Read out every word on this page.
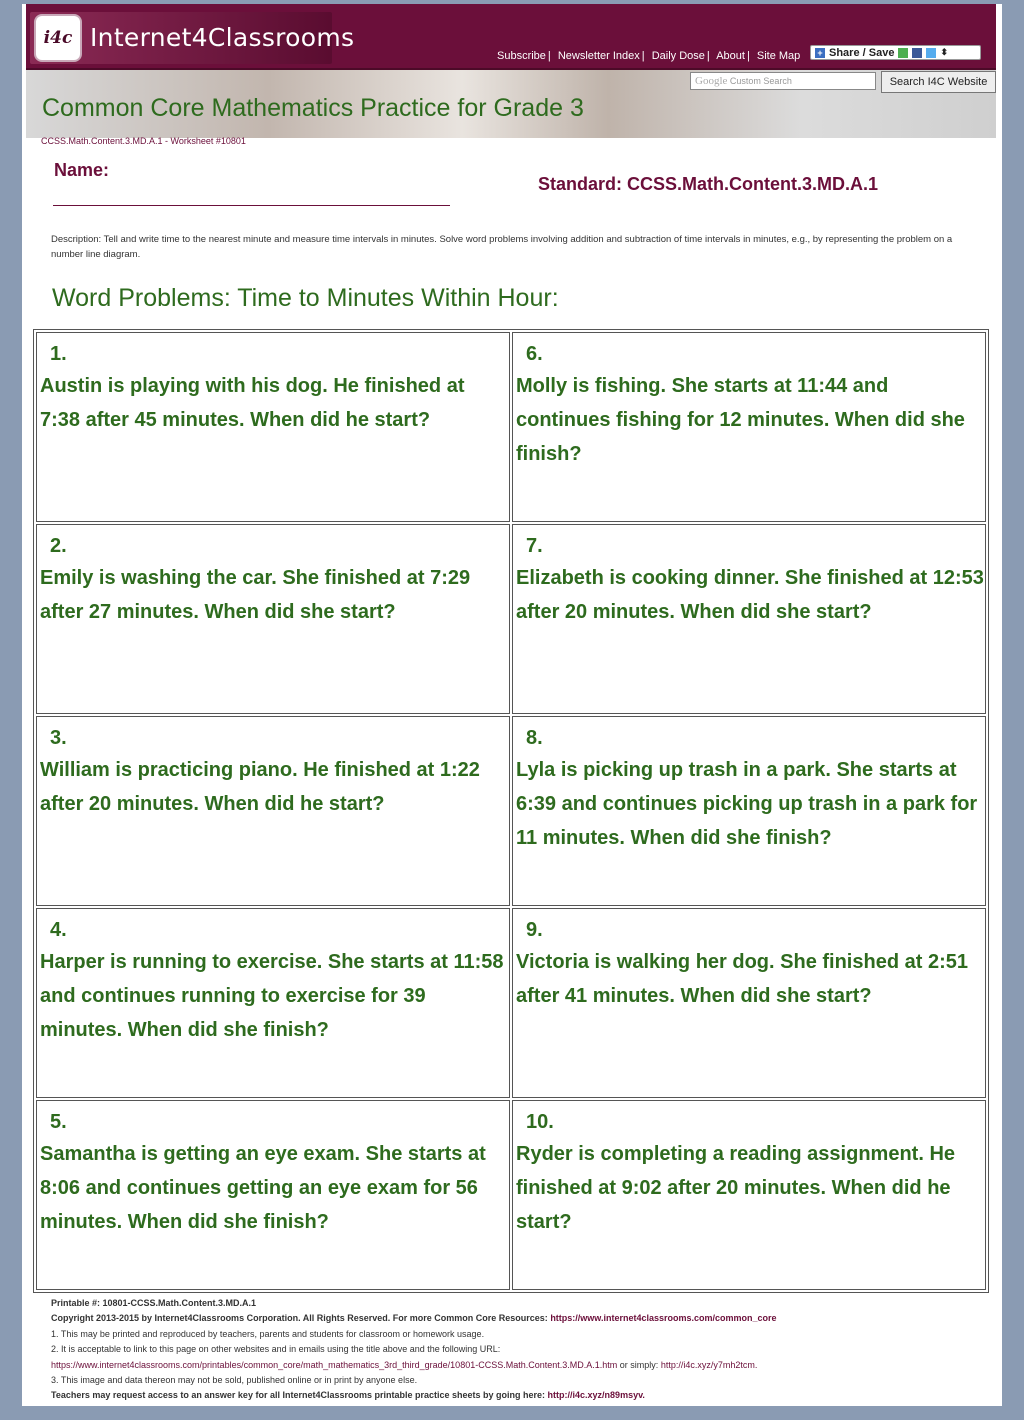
i4c Internet4Classrooms
Subscribe | Newsletter Index | Daily Dose | About | Site Map + Share / Save	⬍
Google Custom Search	Search I4C Website
Common Core Mathematics Practice for Grade 3
CCSS.Math.Content.3.MD.A.1 - Worksheet #10801
Name:
Standard: CCSS.Math.Content.3.MD.A.1
Description: Tell and write time to the nearest minute and measure time intervals in minutes. Solve word problems involving addition and subtraction of time intervals in minutes, e.g., by representing the problem on a number line diagram.
Word Problems: Time to Minutes Within Hour:
1.
Austin is playing with his dog. He finished at 7:38 after 45 minutes. When did he start?
6.
Molly is fishing. She starts at 11:44 and continues fishing for 12 minutes. When did she finish?
2.
Emily is washing the car. She finished at 7:29 after 27 minutes. When did she start?
7.
Elizabeth is cooking dinner. She finished at 12:53 after 20 minutes. When did she start?
3.
William is practicing piano. He finished at 1:22 after 20 minutes. When did he start?
8.
Lyla is picking up trash in a park. She starts at 6:39 and continues picking up trash in a park for 11 minutes. When did she finish?
4.
Harper is running to exercise. She starts at 11:58 and continues running to exercise for 39 minutes. When did she finish?
9.
Victoria is walking her dog. She finished at 2:51 after 41 minutes. When did she start?
5.
Samantha is getting an eye exam. She starts at 8:06 and continues getting an eye exam for 56 minutes. When did she finish?
10.
Ryder is completing a reading assignment. He finished at 9:02 after 20 minutes. When did he start?
Printable #: 10801-CCSS.Math.Content.3.MD.A.1
Copyright 2013-2015 by Internet4Classrooms Corporation. All Rights Reserved. For more Common Core Resources: https://www.internet4classrooms.com/common_core
1. This may be printed and reproduced by teachers, parents and students for classroom or homework usage.
2. It is acceptable to link to this page on other websites and in emails using the title above and the following URL:
https://www.internet4classrooms.com/printables/common_core/math_mathematics_3rd_third_grade/10801-CCSS.Math.Content.3.MD.A.1.htm or simply: http://i4c.xyz/y7mh2tcm.
3. This image and data thereon may not be sold, published online or in print by anyone else.
Teachers may request access to an answer key for all Internet4Classrooms printable practice sheets by going here: http://i4c.xyz/n89msyv.
